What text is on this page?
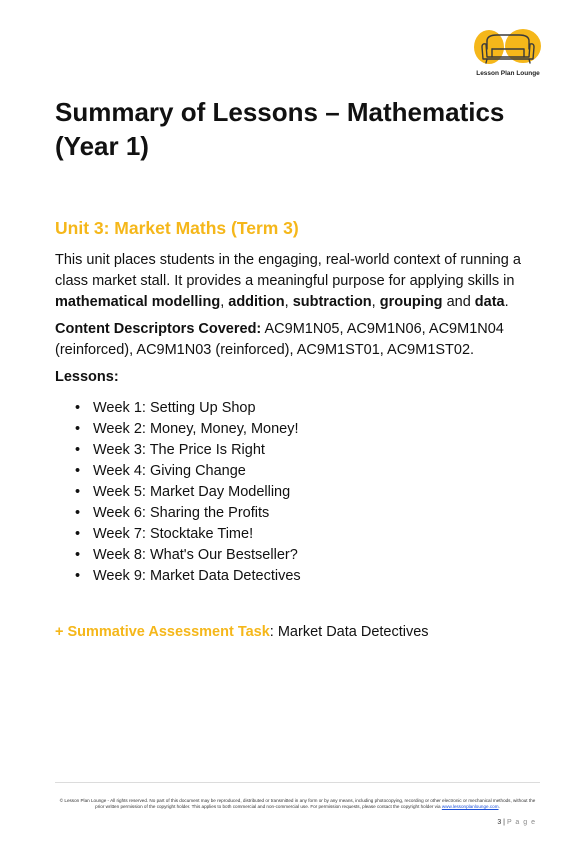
Lesson Plan Lounge
Summary of Lessons – Mathematics (Year 1)
Unit 3: Market Maths (Term 3)

This unit places students in the engaging, real-world context of running a class market stall. It provides a meaningful purpose for applying skills in mathematical modelling, addition, subtraction, grouping and data.

Content Descriptors Covered: AC9M1N05, AC9M1N06, AC9M1N04 (reinforced), AC9M1N03 (reinforced), AC9M1ST01, AC9M1ST02.

Lessons:

• Week 1: Setting Up Shop
• Week 2: Money, Money, Money!
• Week 3: The Price Is Right
• Week 4: Giving Change
• Week 5: Market Day Modelling
• Week 6: Sharing the Profits
• Week 7: Stocktake Time!
• Week 8: What's Our Bestseller?
• Week 9: Market Data Detectives

+ Summative Assessment Task: Market Data Detectives

© Lesson Plan Lounge - All rights reserved. No part of this document may be reproduced, distributed or transmitted in any form or by any means, including photocopying, recording or other electronic or mechanical methods, without the prior written permission of the copyright holder. This applies to both commercial and non-commercial use. For permission requests, please contact the copyright holder via www.lessonplanlounge.com.

3 | P a g e
